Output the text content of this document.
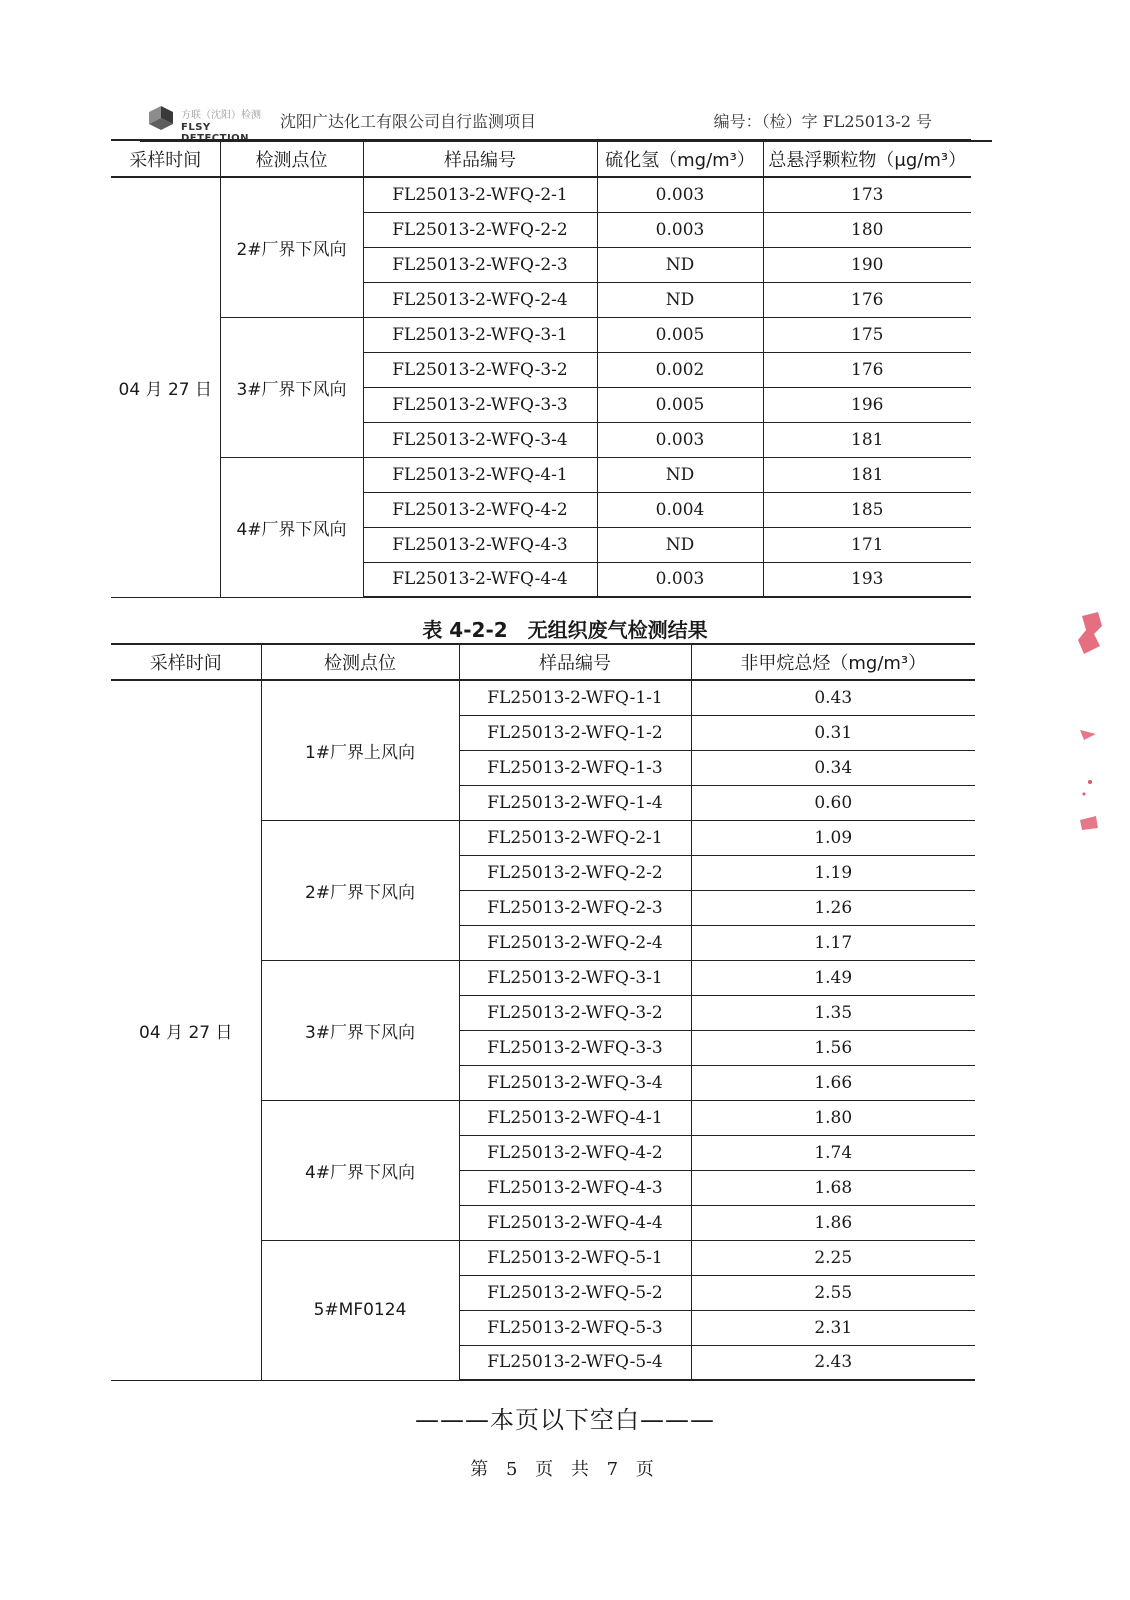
方联（沈阳）检测
FLSY DETECTION
沈阳广达化工有限公司自行监测项目	编号：（检）字 FL25013-2 号
采样时间	检测点位	样品编号	硫化氢（mg/m³）	总悬浮颗粒物（μg/m³）
04 月 27 日	2#厂界下风向	FL25013-2-WFQ-2-1	0.003	173
		FL25013-2-WFQ-2-2	0.003	180
		FL25013-2-WFQ-2-3	ND	190
		FL25013-2-WFQ-2-4	ND	176
	3#厂界下风向	FL25013-2-WFQ-3-1	0.005	175
		FL25013-2-WFQ-3-2	0.002	176
		FL25013-2-WFQ-3-3	0.005	196
		FL25013-2-WFQ-3-4	0.003	181
	4#厂界下风向	FL25013-2-WFQ-4-1	ND	181
		FL25013-2-WFQ-4-2	0.004	185
		FL25013-2-WFQ-4-3	ND	171
		FL25013-2-WFQ-4-4	0.003	193
表 4-2-2　无组织废气检测结果
采样时间	检测点位	样品编号	非甲烷总烃（mg/m³）
04 月 27 日	1#厂界上风向	FL25013-2-WFQ-1-1	0.43
		FL25013-2-WFQ-1-2	0.31
		FL25013-2-WFQ-1-3	0.34
		FL25013-2-WFQ-1-4	0.60
	2#厂界下风向	FL25013-2-WFQ-2-1	1.09
		FL25013-2-WFQ-2-2	1.19
		FL25013-2-WFQ-2-3	1.26
		FL25013-2-WFQ-2-4	1.17
	3#厂界下风向	FL25013-2-WFQ-3-1	1.49
		FL25013-2-WFQ-3-2	1.35
		FL25013-2-WFQ-3-3	1.56
		FL25013-2-WFQ-3-4	1.66
	4#厂界下风向	FL25013-2-WFQ-4-1	1.80
		FL25013-2-WFQ-4-2	1.74
		FL25013-2-WFQ-4-3	1.68
		FL25013-2-WFQ-4-4	1.86
	5#MF0124	FL25013-2-WFQ-5-1	2.25
		FL25013-2-WFQ-5-2	2.55
		FL25013-2-WFQ-5-3	2.31
		FL25013-2-WFQ-5-4	2.43
———本页以下空白———
第 5 页 共 7 页
